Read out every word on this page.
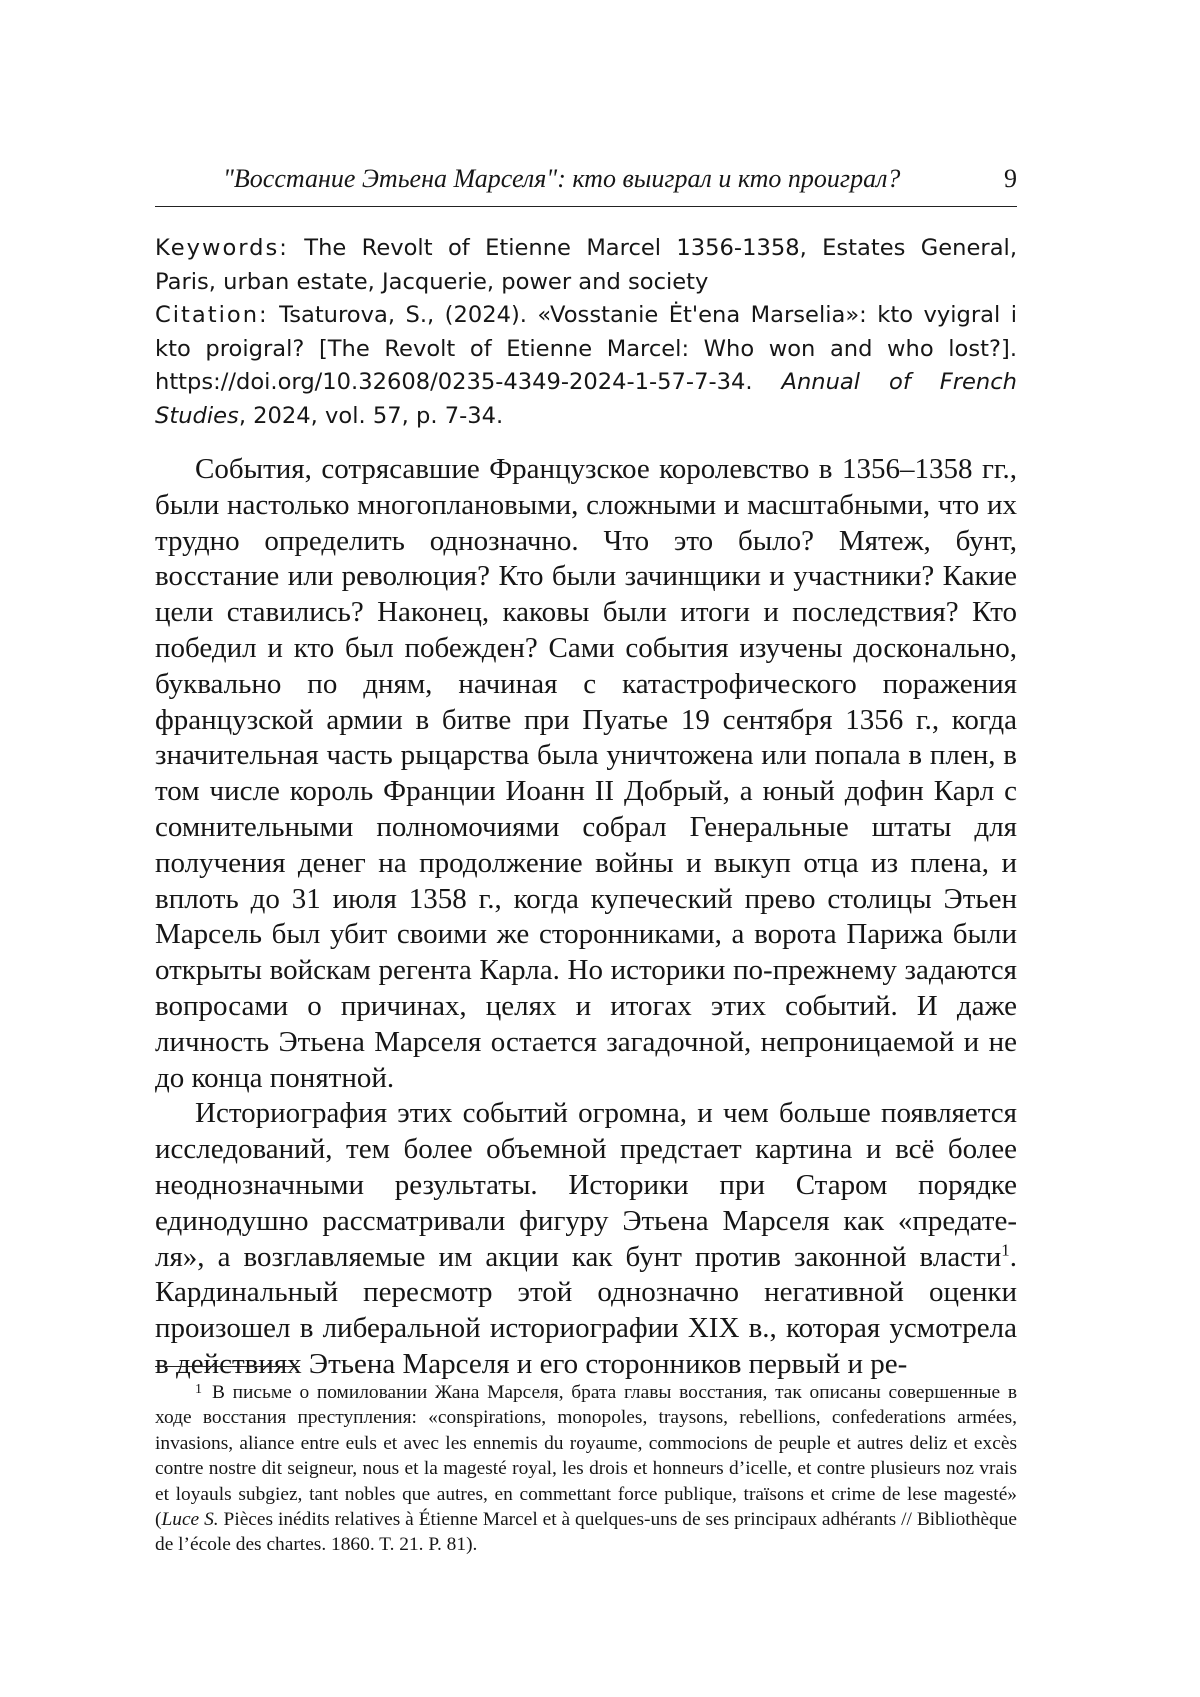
"Восстание Этьена Марселя": кто выиграл и кто проиграл?	9

Keywords: The Revolt of Etienne Marcel 1356-1358, Estates General, Paris, urban estate, Jacquerie, power and society

Citation: Tsaturova, S., (2024). «Vosstanie Ėt'ena Marselia»: kto vyigral i kto proigral? [The Revolt of Etienne Marcel: Who won and who lost?]. https://doi.org/10.32608/0235-4349-2024-1-57-7-34. Annual of French Studies, 2024, vol. 57, p. 7-34.

События, сотрясавшие Французское королевство в 1356–1358 гг., были настолько многоплановыми, сложными и масштабными, что их трудно определить однозначно. Что это было? Мятеж, бунт, восстание или революция? Кто были зачинщики и участники? Какие цели ставились? Наконец, каковы были итоги и последствия? Кто победил и кто был побежден? Сами события изучены досконально, буквально по дням, начиная с катастрофического поражения французской армии в битве при Пуатье 19 сентября 1356 г., когда значительная часть рыцарства была уничтожена или попала в плен, в том числе король Франции Иоанн II Добрый, а юный дофин Карл с сомнительными полномочиями собрал Генеральные штаты для получения денег на продолжение войны и выкуп отца из плена, и вплоть до 31 июля 1358 г., когда купеческий прево столицы Этьен Марсель был убит своими же сторонниками, а ворота Парижа были открыты войскам регента Карла. Но историки по-прежнему задаются вопросами о причинах, целях и итогах этих событий. И даже личность Этьена Марселя остается загадочной, непроницаемой и не до конца понятной.

Историография этих событий огромна, и чем больше появляется исследований, тем более объемной предстает картина и всё более неоднозначными результаты. Историки при Старом порядке единодушно рассматривали фигуру Этьена Марселя как «предателя», а возглавляемые им акции как бунт против законной власти$^1$. Кардинальный пересмотр этой однозначно негативной оценки произошел в либеральной историографии XIX в., которая усмотрела в действиях Этьена Марселя и его сторонников первый и ре-

$^1$ В письме о помиловании Жана Марселя, брата главы восстания, так описаны совершенные в ходе восстания преступления: «conspirations, monopoles, traysons, rebellions, confederations armées, invasions, aliance entre euls et avec les ennemis du royaume, commocions de peuple et autres deliz et excès contre nostre dit seigneur, nous et la magesté royal, les drois et honneurs d’icelle, et contre plusieurs noz vrais et loyauls subgiez, tant nobles que autres, en commettant force publique, traïsons et crime de lese magesté» (Luce S. Pièces inédits relatives à Étienne Marcel et à quelques-uns de ses principaux adhérants // Bibliothèque de l’école des chartes. 1860. T. 21. P. 81).
